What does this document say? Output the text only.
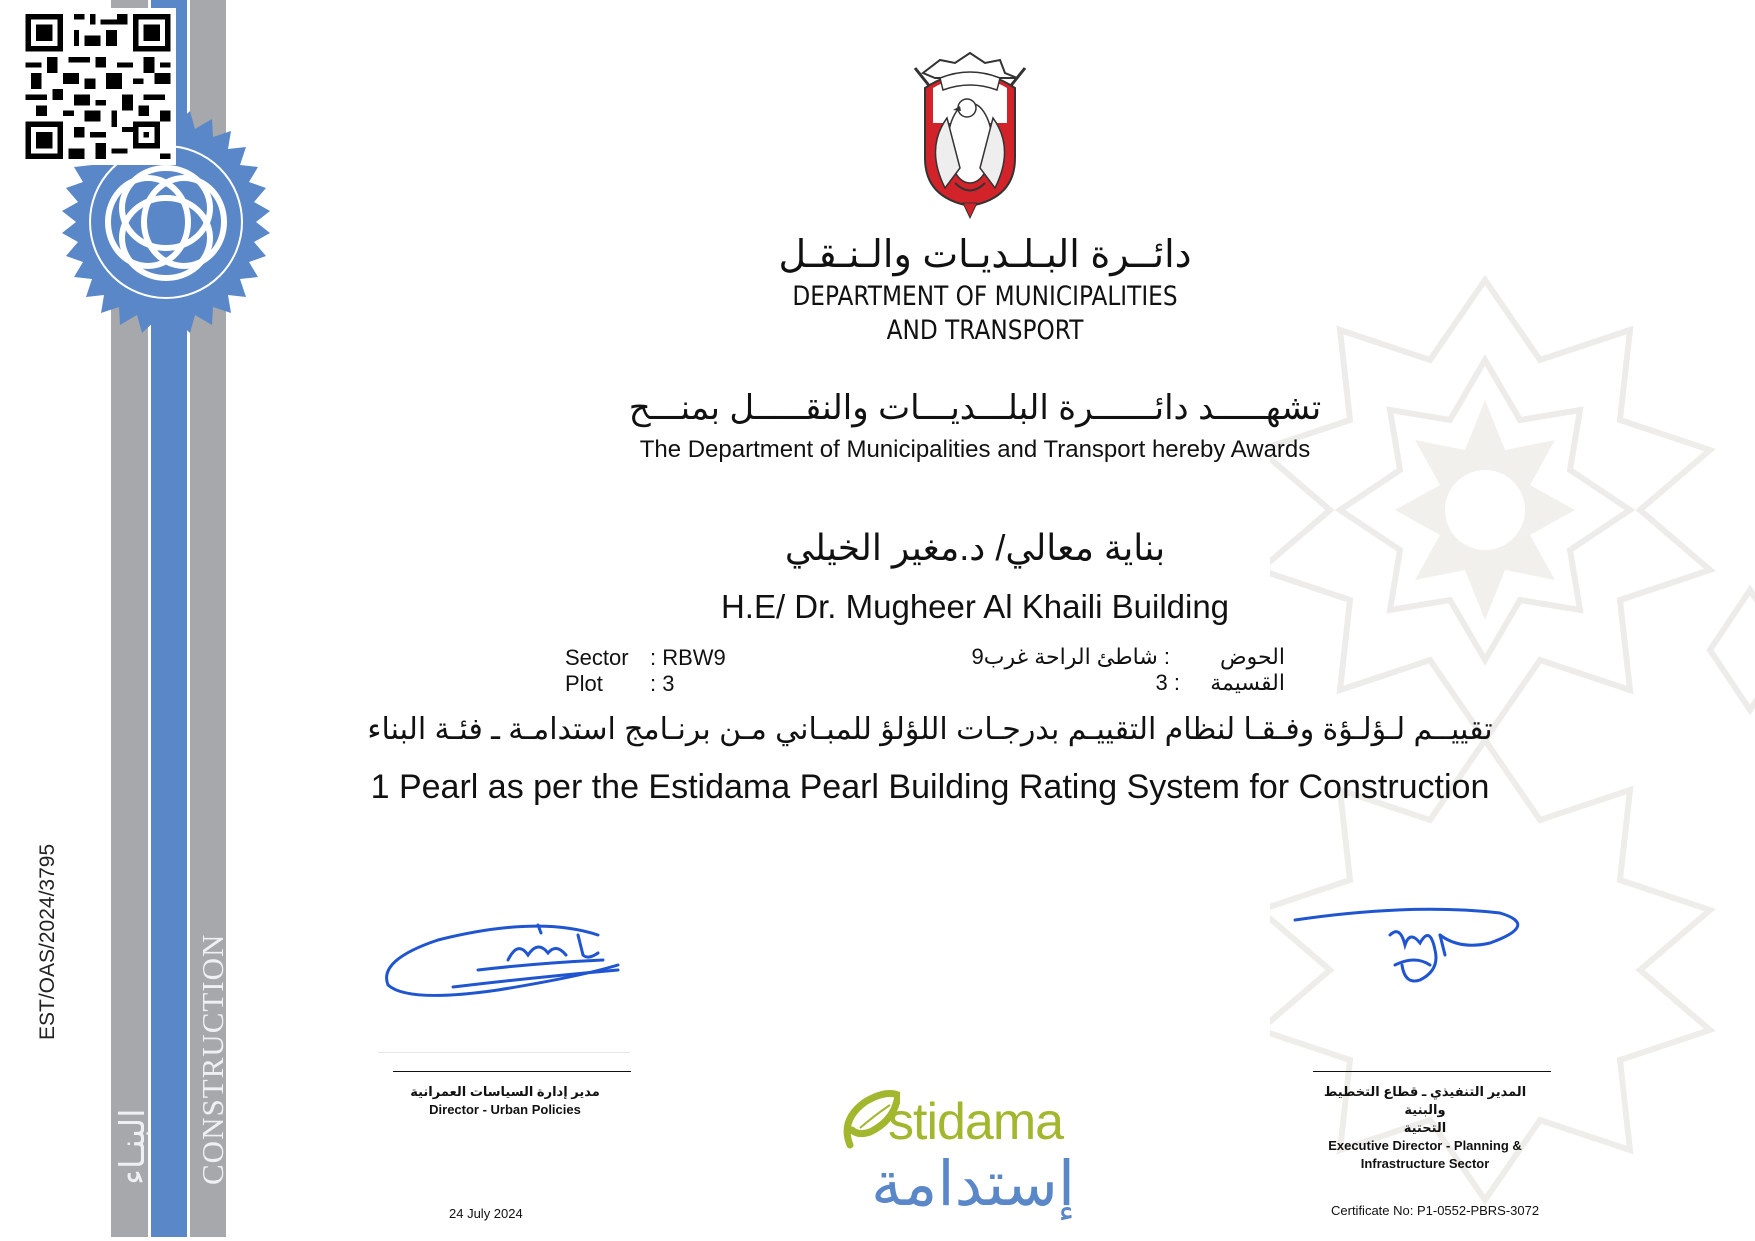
EST/OAS/2024/3795	CONSTRUCTION
البنـاء
دائــرة البـلـديـات والـنـقـل
DEPARTMENT OF MUNICIPALITIES
AND TRANSPORT
تشهـــــد دائــــــرة البلـــديـــات والنقـــــل بمنـــح
The Department of Municipalities and Transport hereby Awards
بناية معالي/ د.مغير الخيلي
H.E/ Dr. Mugheer Al Khaili Building
Sector : RBW9
Plot : 3
الحوض
: شاطئ الراحة غرب9
القسيمة
3 :
تقييــم لـؤلـؤة وفـقـا لنظام التقييـم بدرجـات اللؤلؤ للمبـاني مـن برنـامج استدامـة ـ فئـة البناء
1 Pearl as per the Estidama Pearl Building Rating System for Construction
مدير إدارة السياسات العمرانية
Director - Urban Policies
24 July 2024
المدير التنفيذي ـ قطاع التخطيط والبنية
التحتية
Executive Director - Planning &
Infrastructure Sector
Certificate No: P1-0552-PBRS-3072
stidama
إستدامة
